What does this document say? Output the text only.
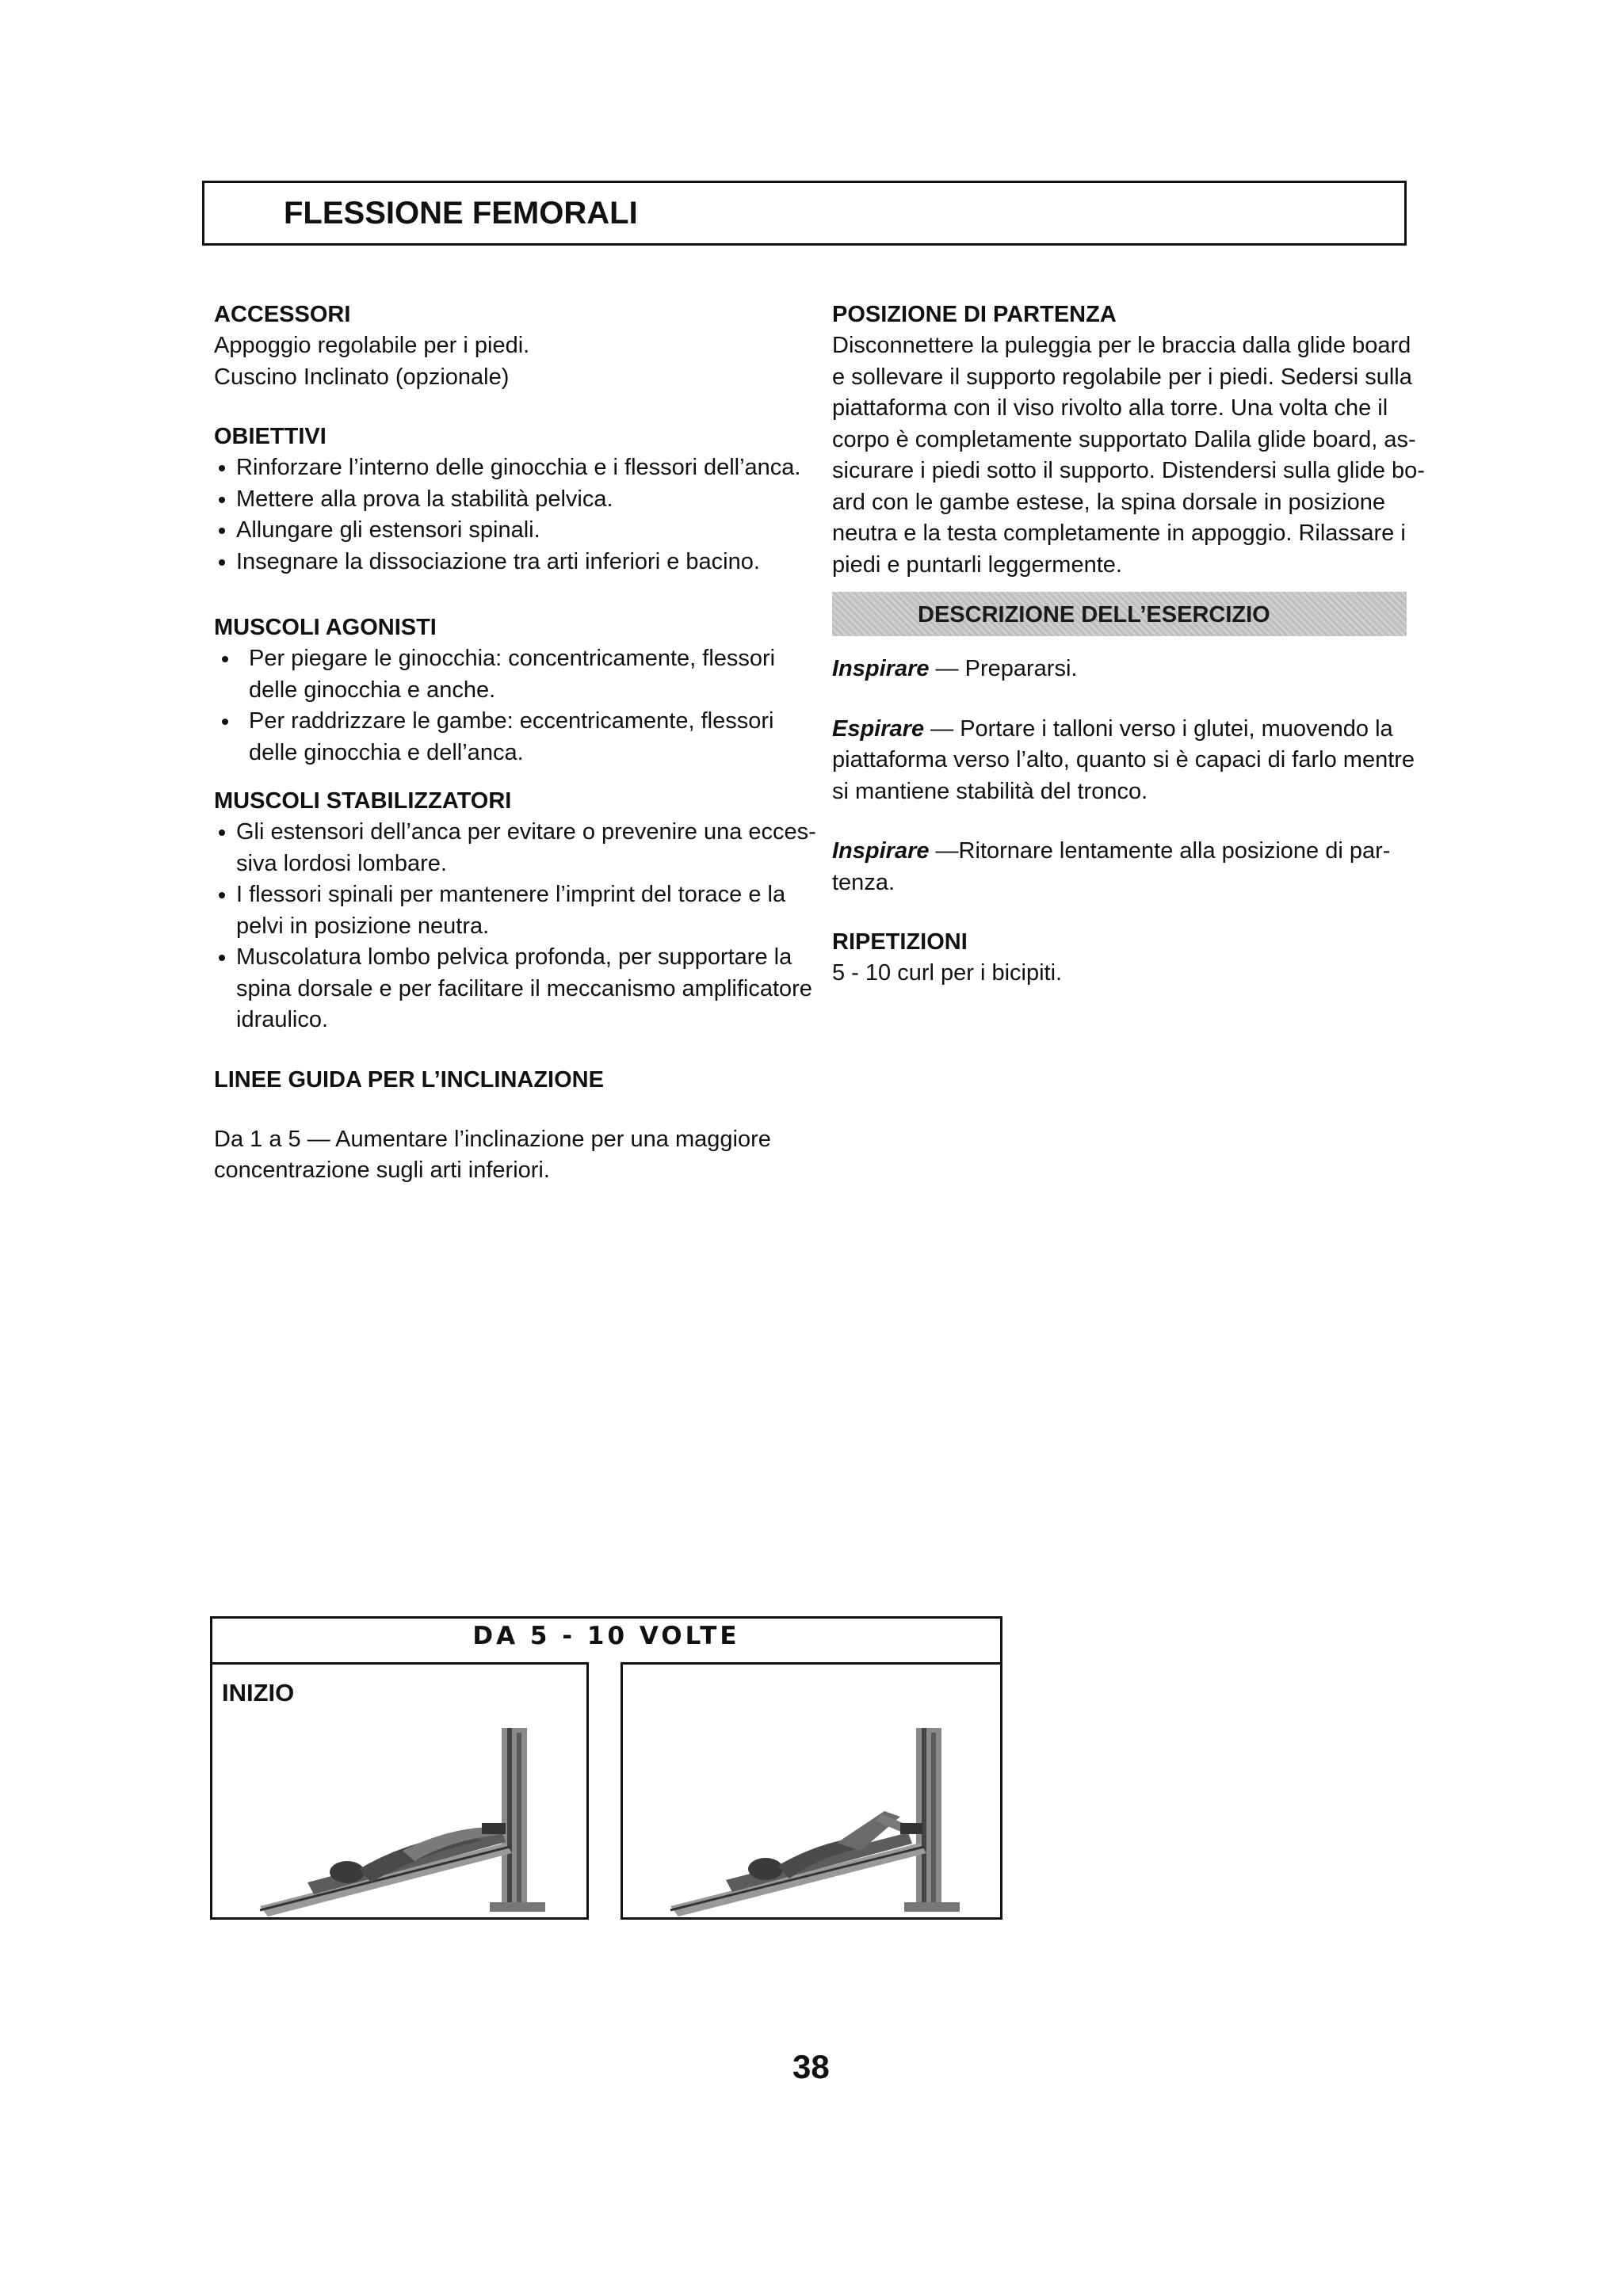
FLESSIONE FEMORALI
ACCESSORI
Appoggio regolabile per i piedi.
Cuscino Inclinato (opzionale)
OBIETTIVI
Rinforzare l’interno delle ginocchia e i flessori dell’anca.
Mettere alla prova la stabilità pelvica.
Allungare gli estensori spinali.
Insegnare la dissociazione tra arti inferiori e bacino.
MUSCOLI AGONISTI
Per piegare le ginocchia: concentricamente, flessori
delle ginocchia e anche.
Per raddrizzare le gambe: eccentricamente, flessori
delle ginocchia e dell’anca.
MUSCOLI STABILIZZATORI
Gli estensori dell’anca per evitare o prevenire una ecces-
siva lordosi lombare.
I flessori spinali per mantenere l’imprint del torace e la
pelvi in posizione neutra.
Muscolatura lombo pelvica profonda, per supportare la
spina dorsale e per facilitare il meccanismo amplificatore
idraulico.
LINEE GUIDA PER L’INCLINAZIONE
Da 1 a 5 — Aumentare l’inclinazione per una maggiore
concentrazione sugli arti inferiori.
POSIZIONE DI PARTENZA
Disconnettere la puleggia per le braccia dalla glide board
e sollevare il supporto regolabile per i piedi. Sedersi sulla
piattaforma con il viso rivolto alla torre. Una volta che il
corpo è completamente supportato Dalila glide board, as-
sicurare i piedi sotto il supporto. Distendersi sulla glide bo-
ard con le gambe estese, la spina dorsale in posizione
neutra e la testa completamente in appoggio. Rilassare i
piedi e puntarli leggermente.
DESCRIZIONE DELL’ESERCIZIO
Inspirare — Prepararsi.
Espirare — Portare i talloni verso i glutei, muovendo la
piattaforma verso l’alto, quanto si è capaci di farlo mentre
si mantiene stabilità del tronco.
Inspirare —Ritornare lentamente alla posizione di par-
tenza.
RIPETIZIONI
5 - 10 curl per i bicipiti.
DA 5 - 10 VOLTE
INIZIO
38
